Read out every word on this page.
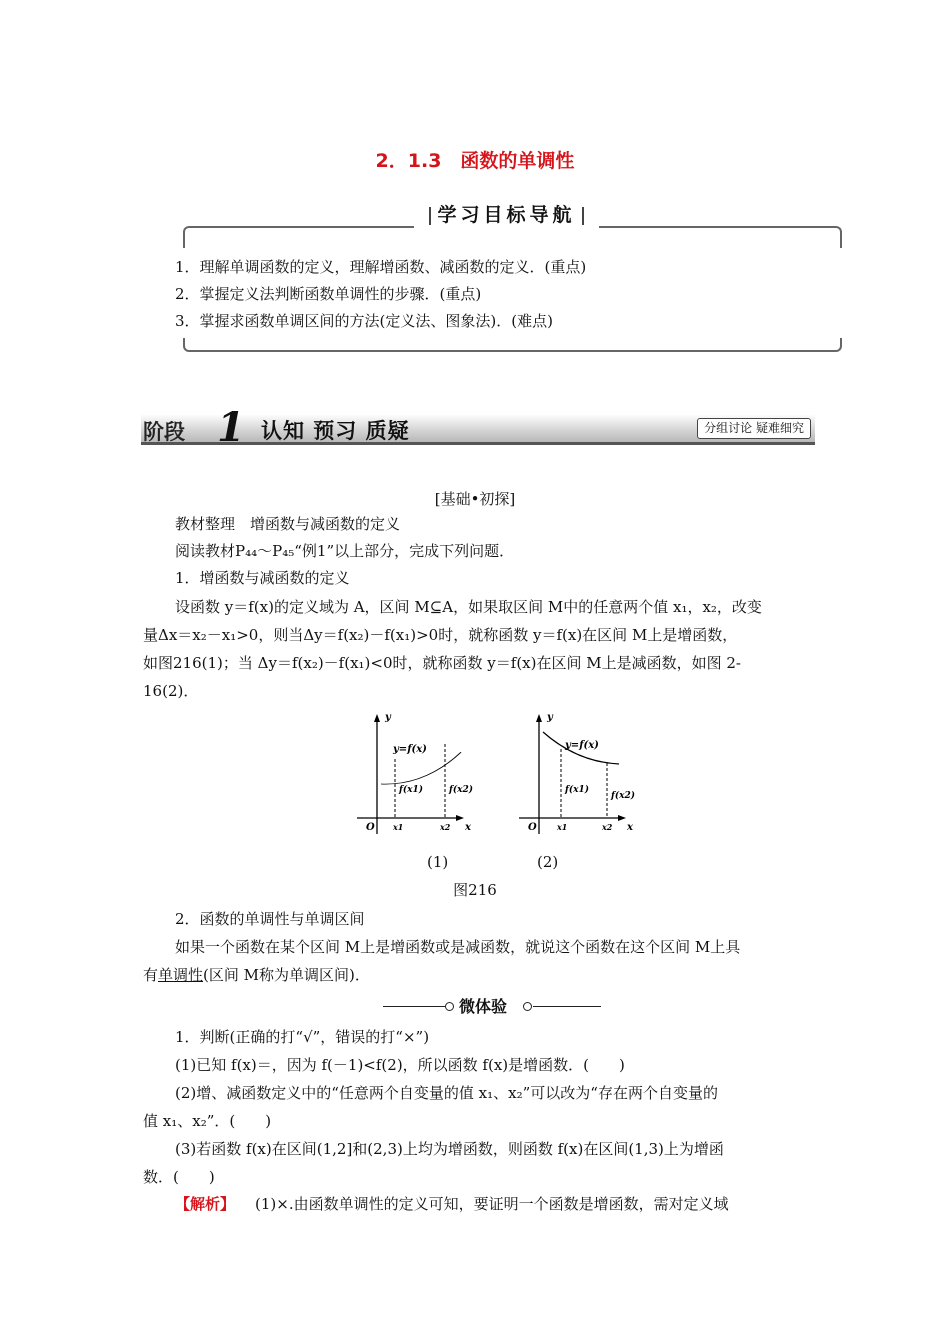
2．1.3　函数的单调性
学习目标导航
1．理解单调函数的定义，理解增函数、减函数的定义．(重点)
2．掌握定义法判断函数单调性的步骤．(重点)
3．掌握求函数单调区间的方法(定义法、图象法)．(难点)
阶段 1 认知 预习 质疑	分组讨论 疑难细究
[基础•初探]
教材整理　增函数与减函数的定义
阅读教材P₄₄～P₄₅“例1”以上部分，完成下列问题．
1．增函数与减函数的定义
设函数 y＝f(x)的定义域为 A，区间 M⊆A，如果取区间 M中的任意两个值 x₁，x₂，改变
量Δx＝x₂－x₁>0，则当Δy＝f(x₂)－f(x₁)>0时，就称函数 y＝f(x)在区间 M上是增函数，
如图216(1)；当 Δy＝f(x₂)－f(x₁)<0时，就称函数 y＝f(x)在区间 M上是减函数，如图 2-
16(2)．
y
x
O x1	x2
y=f(x)
f(x1)	f(x2)
y
x
O	x1	x2
y=f(x)
f(x1)
f(x2)
(1)	(2)
图216
2．函数的单调性与单调区间
如果一个函数在某个区间 M上是增函数或是减函数，就说这个函数在这个区间 M上具
有单调性(区间 M称为单调区间)．
微体验
1．判断(正确的打“√”，错误的打“×”)
(1)已知 f(x)＝，因为 f(－1)<f(2)，所以函数 f(x)是增函数．(　　)
(2)增、减函数定义中的“任意两个自变量的值 x₁、x₂”可以改为“存在两个自变量的
值 x₁、x₂”．(　　)
(3)若函数 f(x)在区间(1,2]和(2,3)上均为增函数，则函数 f(x)在区间(1,3)上为增函
数．(　　)
【解析】 (1)×.由函数单调性的定义可知，要证明一个函数是增函数，需对定义域
